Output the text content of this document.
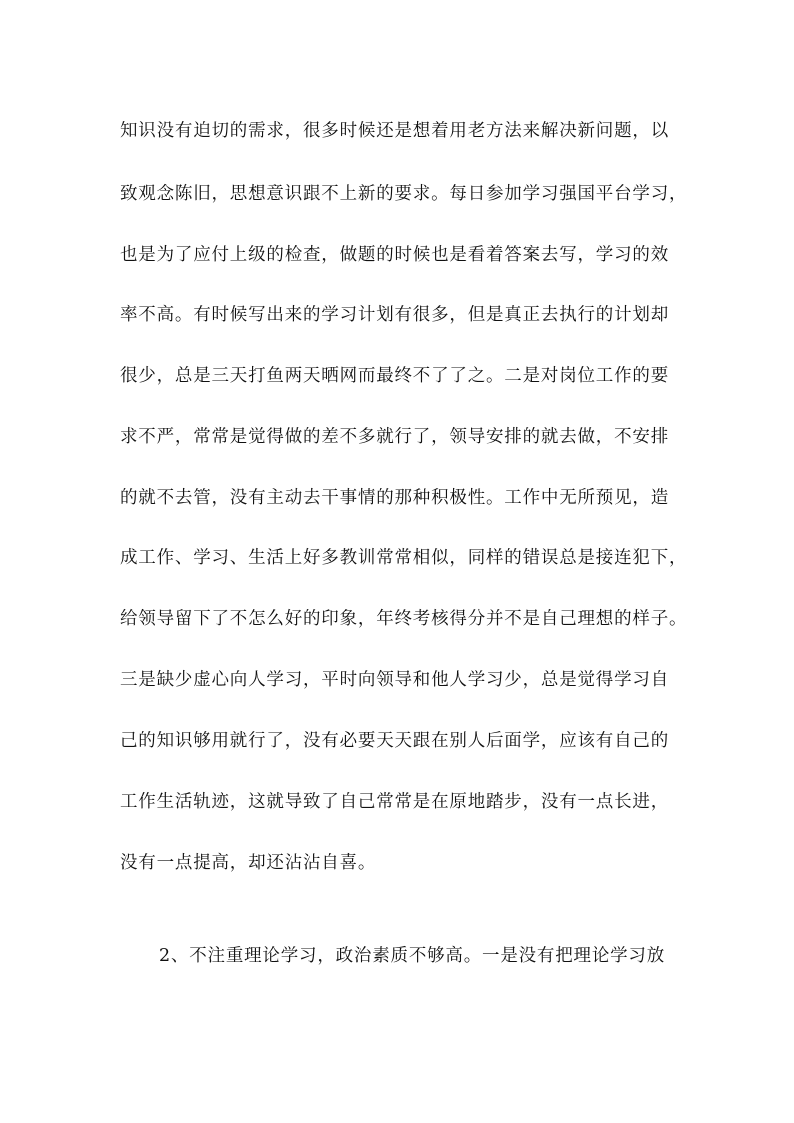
知识没有迫切的需求，很多时候还是想着用老方法来解决新问题，以
致观念陈旧，思想意识跟不上新的要求。每日参加学习强国平台学习，
也是为了应付上级的检查，做题的时候也是看着答案去写，学习的效
率不高。有时候写出来的学习计划有很多，但是真正去执行的计划却
很少，总是三天打鱼两天晒网而最终不了了之。二是对岗位工作的要
求不严，常常是觉得做的差不多就行了，领导安排的就去做，不安排
的就不去管，没有主动去干事情的那种积极性。工作中无所预见，造
成工作、学习、生活上好多教训常常相似，同样的错误总是接连犯下，
给领导留下了不怎么好的印象，年终考核得分并不是自己理想的样子。
三是缺少虚心向人学习，平时向领导和他人学习少，总是觉得学习自
己的知识够用就行了，没有必要天天跟在别人后面学，应该有自己的
工作生活轨迹，这就导致了自己常常是在原地踏步，没有一点长进，
没有一点提高，却还沾沾自喜。
2、不注重理论学习，政治素质不够高。一是没有把理论学习放
